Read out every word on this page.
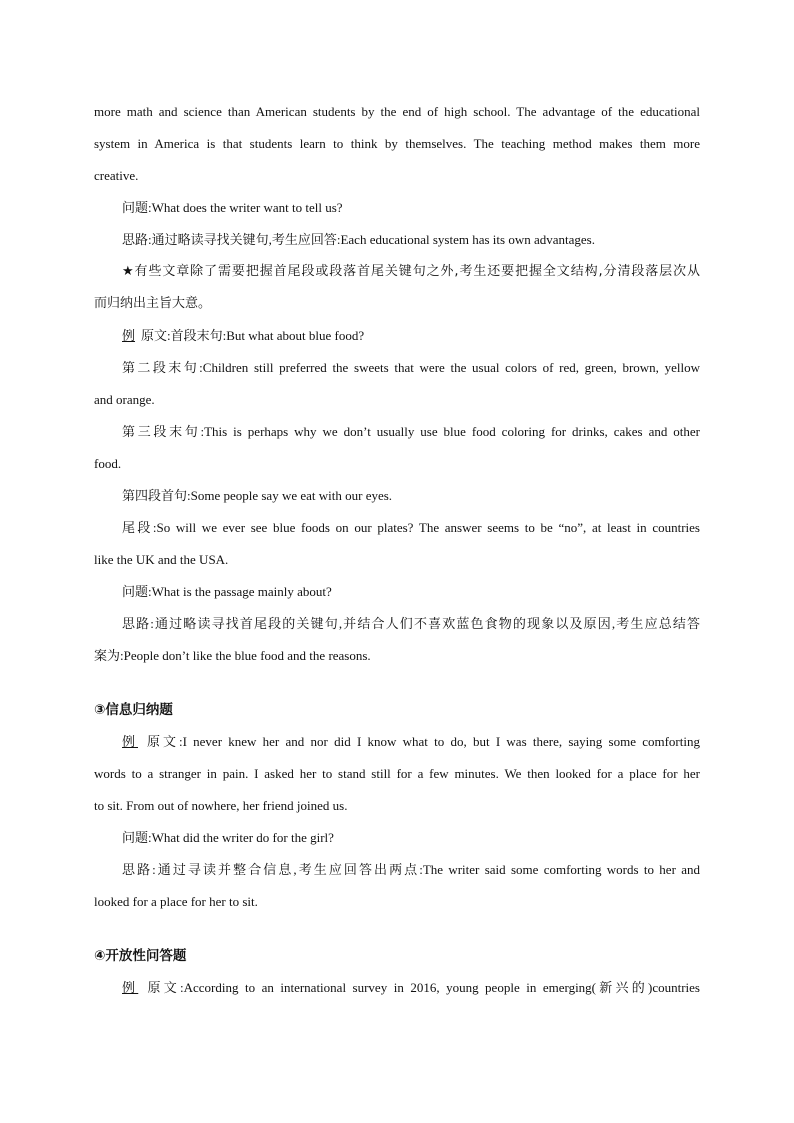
more math and science than American students by the end of high school. The advantage of the educational
system in America is that students learn to think by themselves. The teaching method makes them more
creative.
问题:What does the writer want to tell us?
思路:通过略读寻找关键句,考生应回答:Each educational system has its own advantages.
★有些文章除了需要把握首尾段或段落首尾关键句之外,考生还要把握全文结构,分清段落层次从
而归纳出主旨大意。
例 原文:首段末句:But what about blue food?
第二段末句:Children still preferred the sweets that were the usual colors of red, green, brown, yellow
and orange.
第三段末句:This is perhaps why we don’t usually use blue food coloring for drinks, cakes and other
food.
第四段首句:Some people say we eat with our eyes.
尾段:So will we ever see blue foods on our plates? The answer seems to be “no”, at least in countries
like the UK and the USA.
问题:What is the passage mainly about?
思路:通过略读寻找首尾段的关键句,并结合人们不喜欢蓝色食物的现象以及原因,考生应总结答
案为:People don’t like the blue food and the reasons.
③信息归纳题
例 原文:I never knew her and nor did I know what to do, but I was there, saying some comforting
words to a stranger in pain. I asked her to stand still for a few minutes. We then looked for a place for her
to sit. From out of nowhere, her friend joined us.
问题:What did the writer do for the girl?
思路:通过寻读并整合信息,考生应回答出两点:The writer said some comforting words to her and
looked for a place for her to sit.
④开放性问答题
例 原文:According to an international survey in 2016, young people in emerging(新兴的)countries
